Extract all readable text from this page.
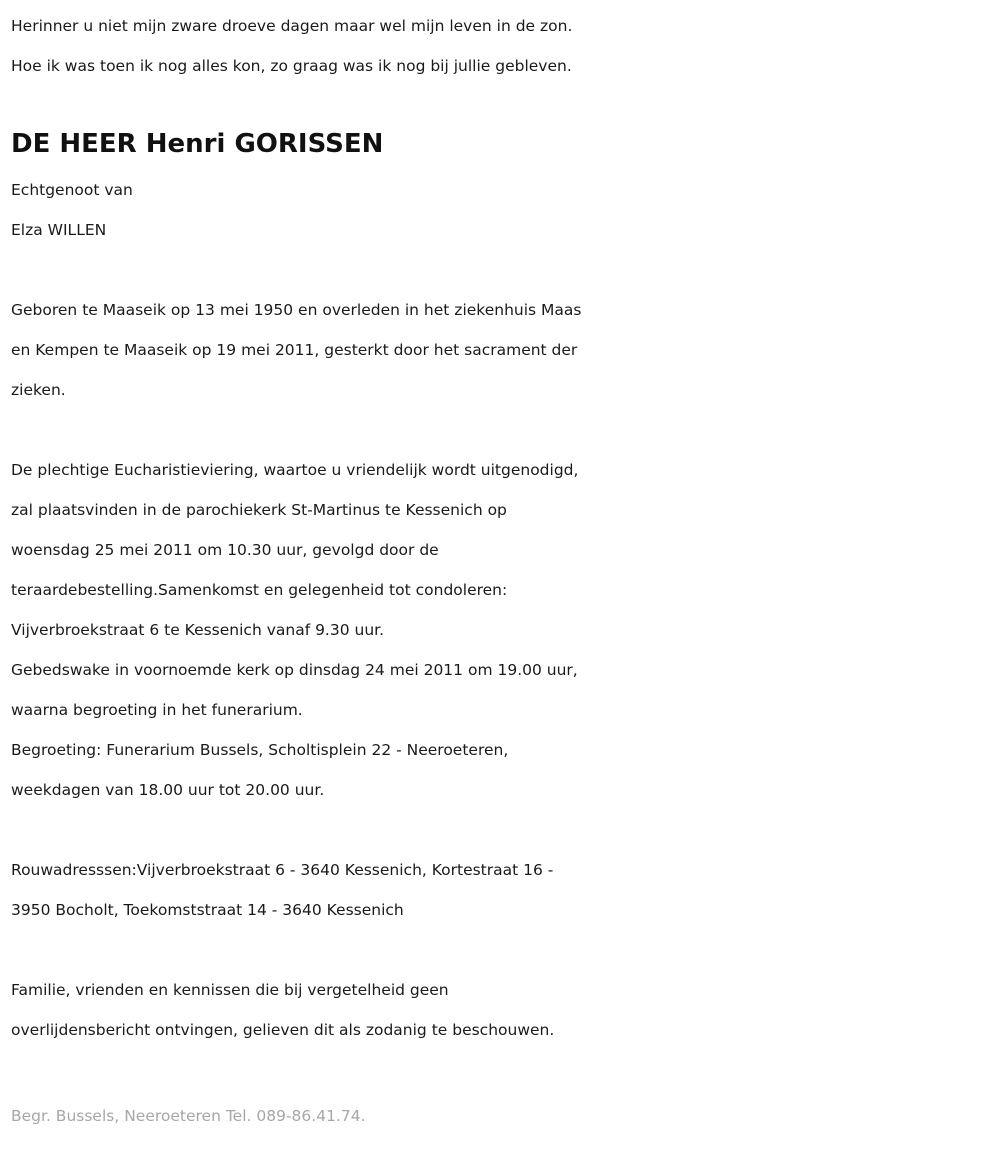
Herinner u niet mijn zware droeve dagen maar wel mijn leven in de zon.
Hoe ik was toen ik nog alles kon, zo graag was ik nog bij jullie gebleven.
DE HEER Henri GORISSEN
Echtgenoot van
Elza WILLEN
Geboren te Maaseik op 13 mei 1950 en overleden in het ziekenhuis Maas
en Kempen te Maaseik op 19 mei 2011, gesterkt door het sacrament der
zieken.
De plechtige Eucharistieviering, waartoe u vriendelijk wordt uitgenodigd,
zal plaatsvinden in de parochiekerk St-Martinus te Kessenich op
woensdag 25 mei 2011 om 10.30 uur, gevolgd door de
teraardebestelling.Samenkomst en gelegenheid tot condoleren:
Vijverbroekstraat 6 te Kessenich vanaf 9.30 uur.
Gebedswake in voornoemde kerk op dinsdag 24 mei 2011 om 19.00 uur,
waarna begroeting in het funerarium.
Begroeting: Funerarium Bussels, Scholtisplein 22 - Neeroeteren,
weekdagen van 18.00 uur tot 20.00 uur.
Rouwadresssen:Vijverbroekstraat 6 - 3640 Kessenich, Kortestraat 16 -
3950 Bocholt, Toekomststraat 14 - 3640 Kessenich
Familie, vrienden en kennissen die bij vergetelheid geen
overlijdensbericht ontvingen, gelieven dit als zodanig te beschouwen.
Begr. Bussels, Neeroeteren Tel. 089-86.41.74.
